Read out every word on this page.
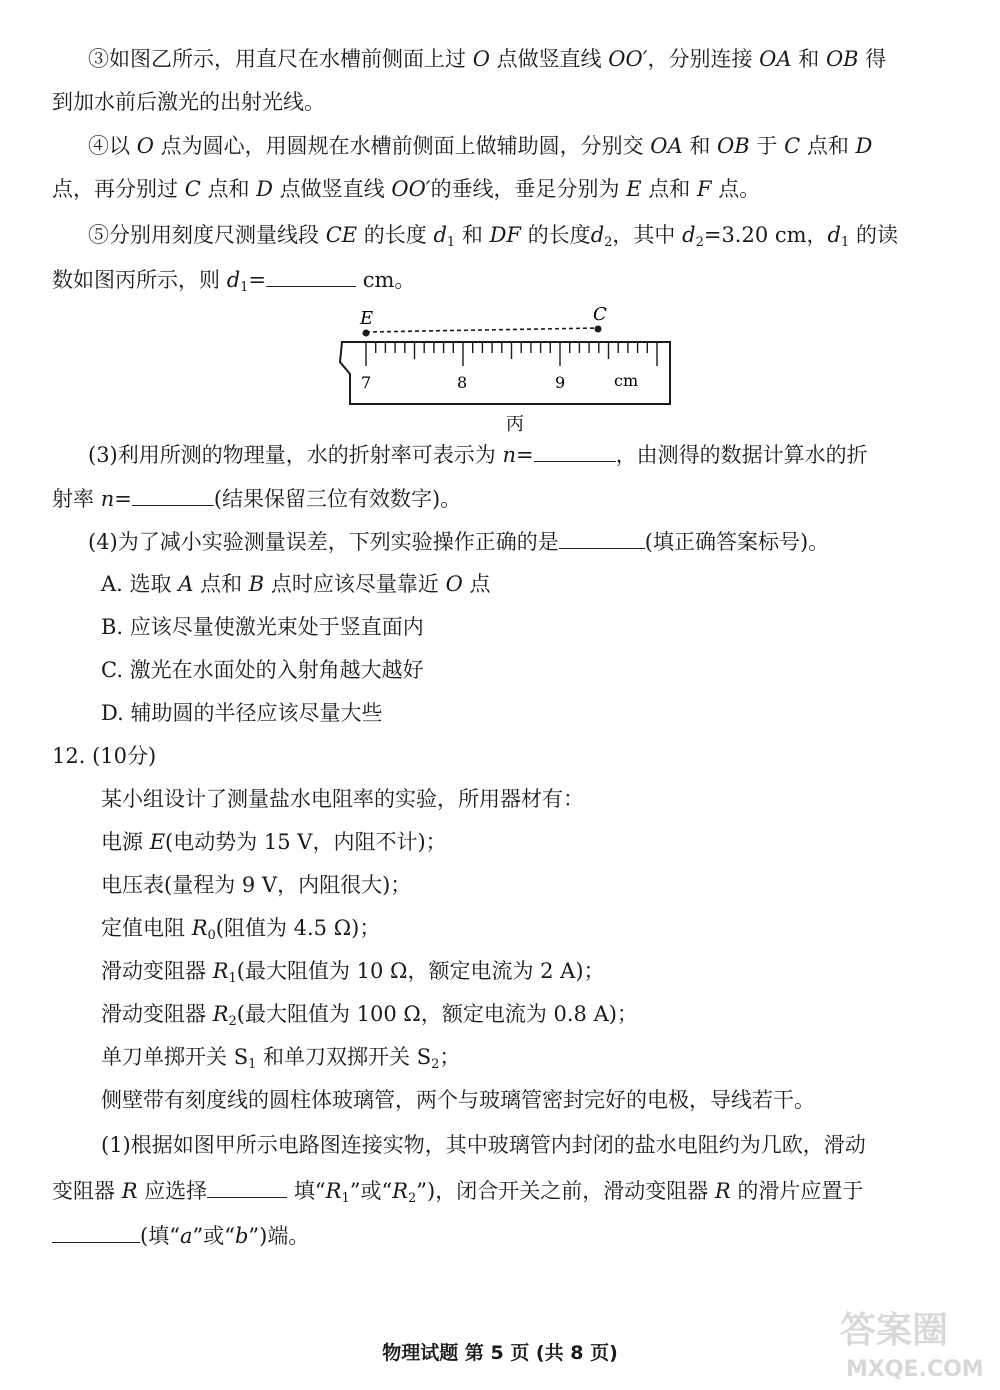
③如图乙所示，用直尺在水槽前侧面上过 O 点做竖直线 OO′，分别连接 OA 和 OB 得
到加水前后激光的出射光线。
④以 O 点为圆心，用圆规在水槽前侧面上做辅助圆，分别交 OA 和 OB 于 C 点和 D
点，再分别过 C 点和 D 点做竖直线 OO′的垂线，垂足分别为 E 点和 F 点。
⑤分别用刻度尺测量线段 CE 的长度 $d_1$ 和 DF 的长度$d_2$，其中 $d_2=3.20$ cm，$d_1$ 的读
数如图丙所示，则 $d_1=$	cm。
E	C
7	8	9	cm
丙
(3)利用所测的物理量，水的折射率可表示为 n=	，由测得的数据计算水的折
射率 n=	(结果保留三位有效数字)。
(4)为了减小实验测量误差，下列实验操作正确的是	(填正确答案标号)。
A. 选取 A 点和 B 点时应该尽量靠近 O 点
B. 应该尽量使激光束处于竖直面内
C. 激光在水面处的入射角越大越好
D. 辅助圆的半径应该尽量大些
12. (10分)
某小组设计了测量盐水电阻率的实验，所用器材有：
电源 E(电动势为 15 V，内阻不计)；
电压表(量程为 9 V，内阻很大)；
定值电阻 $R_0$(阻值为 4.5 Ω)；
滑动变阻器 $R_1$(最大阻值为 10 Ω，额定电流为 2 A)；
滑动变阻器 $R_2$(最大阻值为 100 Ω，额定电流为 0.8 A)；
单刀单掷开关 $S_1$ 和单刀双掷开关 $S_2$；
侧壁带有刻度线的圆柱体玻璃管，两个与玻璃管密封完好的电极，导线若干。
(1)根据如图甲所示电路图连接实物，其中玻璃管内封闭的盐水电阻约为几欧，滑动
变阻器 R 应选择	填“$R_1$”或“$R_2$”)，闭合开关之前，滑动变阻器 R 的滑片应置于
(填“a”或“b”)端。
物理试题 第 5 页 (共 8 页)
答案圈
MXQE.COM
